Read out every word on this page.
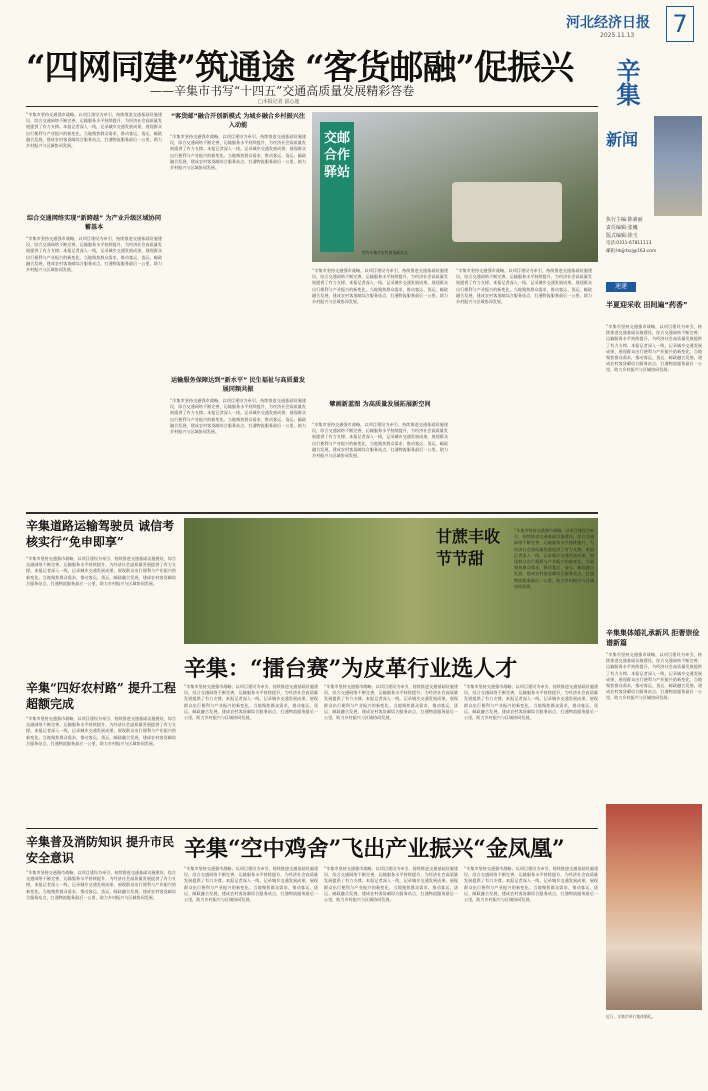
河北经济日报
2025.11.13 7
“四网同建”筑通途 “客货邮融”促振兴
——辛集市书写“十四五”交通高质量发展精彩答卷
□本报记者 富心迪	辛集
新闻
执行主编:陈素丽
责任编辑:张巍
版式编辑:徐玉
电话:0311-67811113
邮箱:hbjjrbxj@163.com
速递
“辛集市坚持交通强市战略，以项目建设为牵引，持续推进交通基础设施建设，综合交通网络不断完善，运输服务水平持续提升，为经济社会高质量发展提供了有力支撑。本报记者深入一线，记录城乡交通发展成果，展现群众出行便利与产业振兴的新变化。当地聚焦群众需求，推动客运、货运、邮政融合发展，建成农村客货邮综合服务站点，打通物流服务最后一公里，助力乡村振兴与区域协同发展。
综合交通网络实现“新跨越” 为产业升级区域协同蓄基本
“辛集市坚持交通强市战略，以项目建设为牵引，持续推进交通基础设施建设，综合交通网络不断完善，运输服务水平持续提升，为经济社会高质量发展提供了有力支撑。本报记者深入一线，记录城乡交通发展成果，展现群众出行便利与产业振兴的新变化。当地聚焦群众需求，推动客运、货运、邮政融合发展，建成农村客货邮综合服务站点，打通物流服务最后一公里，助力乡村振兴与区域协同发展。
“客货邮”融合开创新模式 为城乡融合乡村振兴注入动能
“辛集市坚持交通强市战略，以项目建设为牵引，持续推进交通基础设施建设，综合交通网络不断完善，运输服务水平持续提升，为经济社会高质量发展提供了有力支撑。本报记者深入一线，记录城乡交通发展成果，展现群众出行便利与产业振兴的新变化。当地聚焦群众需求，推动客运、货运、邮政融合发展，建成农村客货邮综合服务站点，打通物流服务最后一公里，助力乡村振兴与区域协同发展。
运输服务保障达到“新水平” 民生福祉与高质量发展同频共振
“辛集市坚持交通强市战略，以项目建设为牵引，持续推进交通基础设施建设，综合交通网络不断完善，运输服务水平持续提升，为经济社会高质量发展提供了有力支撑。本报记者深入一线，记录城乡交通发展成果，展现群众出行便利与产业振兴的新变化。当地聚焦群众需求，推动客运、货运、邮政融合发展，建成农村客货邮综合服务站点，打通物流服务最后一公里，助力乡村振兴与区域协同发展。
交邮合作驿站
图为辛集市农村客货邮站点。
“辛集市坚持交通强市战略，以项目建设为牵引，持续推进交通基础设施建设，综合交通网络不断完善，运输服务水平持续提升，为经济社会高质量发展提供了有力支撑。本报记者深入一线，记录城乡交通发展成果，展现群众出行便利与产业振兴的新变化。当地聚焦群众需求，推动客运、货运、邮政融合发展，建成农村客货邮综合服务站点，打通物流服务最后一公里，助力乡村振兴与区域协同发展。
擘画新蓝图 为高质量发展拓展新空间
“辛集市坚持交通强市战略，以项目建设为牵引，持续推进交通基础设施建设，综合交通网络不断完善，运输服务水平持续提升，为经济社会高质量发展提供了有力支撑。本报记者深入一线，记录城乡交通发展成果，展现群众出行便利与产业振兴的新变化。当地聚焦群众需求，推动客运、货运、邮政融合发展，建成农村客货邮综合服务站点，打通物流服务最后一公里，助力乡村振兴与区域协同发展。
“辛集市坚持交通强市战略，以项目建设为牵引，持续推进交通基础设施建设，综合交通网络不断完善，运输服务水平持续提升，为经济社会高质量发展提供了有力支撑。本报记者深入一线，记录城乡交通发展成果，展现群众出行便利与产业振兴的新变化。当地聚焦群众需求，推动客运、货运、邮政融合发展，建成农村客货邮综合服务站点，打通物流服务最后一公里，助力乡村振兴与区域协同发展。	半夏迎采收 田间遍“药香”
“辛集市坚持交通强市战略，以项目建设为牵引，持续推进交通基础设施建设，综合交通网络不断完善，运输服务水平持续提升，为经济社会高质量发展提供了有力支撑。本报记者深入一线，记录城乡交通发展成果，展现群众出行便利与产业振兴的新变化。当地聚焦群众需求，推动客运、货运、邮政融合发展，建成农村客货邮综合服务站点，打通物流服务最后一公里，助力乡村振兴与区域协同发展。
辛集集体婚礼承新风 拒奢崇俭谱新篇
“辛集市坚持交通强市战略，以项目建设为牵引，持续推进交通基础设施建设，综合交通网络不断完善，运输服务水平持续提升，为经济社会高质量发展提供了有力支撑。本报记者深入一线，记录城乡交通发展成果，展现群众出行便利与产业振兴的新变化。当地聚焦群众需求，推动客运、货运、邮政融合发展，建成农村客货邮综合服务站点，打通物流服务最后一公里，助力乡村振兴与区域协同发展。
近日，辛集市举行集体婚礼。
辛集道路运输驾驶员 诚信考核实行“免申即享”
“辛集市坚持交通强市战略，以项目建设为牵引，持续推进交通基础设施建设，综合交通网络不断完善，运输服务水平持续提升，为经济社会高质量发展提供了有力支撑。本报记者深入一线，记录城乡交通发展成果，展现群众出行便利与产业振兴的新变化。当地聚焦群众需求，推动客运、货运、邮政融合发展，建成农村客货邮综合服务站点，打通物流服务最后一公里，助力乡村振兴与区域协同发展。
甘蔗丰收 节节甜
“辛集市坚持交通强市战略，以项目建设为牵引，持续推进交通基础设施建设，综合交通网络不断完善，运输服务水平持续提升，为经济社会高质量发展提供了有力支撑。本报记者深入一线，记录城乡交通发展成果，展现群众出行便利与产业振兴的新变化。当地聚焦群众需求，推动客运、货运、邮政融合发展，建成农村客货邮综合服务站点，打通物流服务最后一公里，助力乡村振兴与区域协同发展。
辛集“四好农村路” 提升工程超额完成
“辛集市坚持交通强市战略，以项目建设为牵引，持续推进交通基础设施建设，综合交通网络不断完善，运输服务水平持续提升，为经济社会高质量发展提供了有力支撑。本报记者深入一线，记录城乡交通发展成果，展现群众出行便利与产业振兴的新变化。当地聚焦群众需求，推动客运、货运、邮政融合发展，建成农村客货邮综合服务站点，打通物流服务最后一公里，助力乡村振兴与区域协同发展。
辛集：“擂台赛”为皮革行业选人才
“辛集市坚持交通强市战略，以项目建设为牵引，持续推进交通基础设施建设，综合交通网络不断完善，运输服务水平持续提升，为经济社会高质量发展提供了有力支撑。本报记者深入一线，记录城乡交通发展成果，展现群众出行便利与产业振兴的新变化。当地聚焦群众需求，推动客运、货运、邮政融合发展，建成农村客货邮综合服务站点，打通物流服务最后一公里，助力乡村振兴与区域协同发展。
“辛集市坚持交通强市战略，以项目建设为牵引，持续推进交通基础设施建设，综合交通网络不断完善，运输服务水平持续提升，为经济社会高质量发展提供了有力支撑。本报记者深入一线，记录城乡交通发展成果，展现群众出行便利与产业振兴的新变化。当地聚焦群众需求，推动客运、货运、邮政融合发展，建成农村客货邮综合服务站点，打通物流服务最后一公里，助力乡村振兴与区域协同发展。
“辛集市坚持交通强市战略，以项目建设为牵引，持续推进交通基础设施建设，综合交通网络不断完善，运输服务水平持续提升，为经济社会高质量发展提供了有力支撑。本报记者深入一线，记录城乡交通发展成果，展现群众出行便利与产业振兴的新变化。当地聚焦群众需求，推动客运、货运、邮政融合发展，建成农村客货邮综合服务站点，打通物流服务最后一公里，助力乡村振兴与区域协同发展。
辛集普及消防知识 提升市民安全意识
“辛集市坚持交通强市战略，以项目建设为牵引，持续推进交通基础设施建设，综合交通网络不断完善，运输服务水平持续提升，为经济社会高质量发展提供了有力支撑。本报记者深入一线，记录城乡交通发展成果，展现群众出行便利与产业振兴的新变化。当地聚焦群众需求，推动客运、货运、邮政融合发展，建成农村客货邮综合服务站点，打通物流服务最后一公里，助力乡村振兴与区域协同发展。
辛集“空中鸡舍”飞出产业振兴“金凤凰”
“辛集市坚持交通强市战略，以项目建设为牵引，持续推进交通基础设施建设，综合交通网络不断完善，运输服务水平持续提升，为经济社会高质量发展提供了有力支撑。本报记者深入一线，记录城乡交通发展成果，展现群众出行便利与产业振兴的新变化。当地聚焦群众需求，推动客运、货运、邮政融合发展，建成农村客货邮综合服务站点，打通物流服务最后一公里，助力乡村振兴与区域协同发展。
“辛集市坚持交通强市战略，以项目建设为牵引，持续推进交通基础设施建设，综合交通网络不断完善，运输服务水平持续提升，为经济社会高质量发展提供了有力支撑。本报记者深入一线，记录城乡交通发展成果，展现群众出行便利与产业振兴的新变化。当地聚焦群众需求，推动客运、货运、邮政融合发展，建成农村客货邮综合服务站点，打通物流服务最后一公里，助力乡村振兴与区域协同发展。
“辛集市坚持交通强市战略，以项目建设为牵引，持续推进交通基础设施建设，综合交通网络不断完善，运输服务水平持续提升，为经济社会高质量发展提供了有力支撑。本报记者深入一线，记录城乡交通发展成果，展现群众出行便利与产业振兴的新变化。当地聚焦群众需求，推动客运、货运、邮政融合发展，建成农村客货邮综合服务站点，打通物流服务最后一公里，助力乡村振兴与区域协同发展。
